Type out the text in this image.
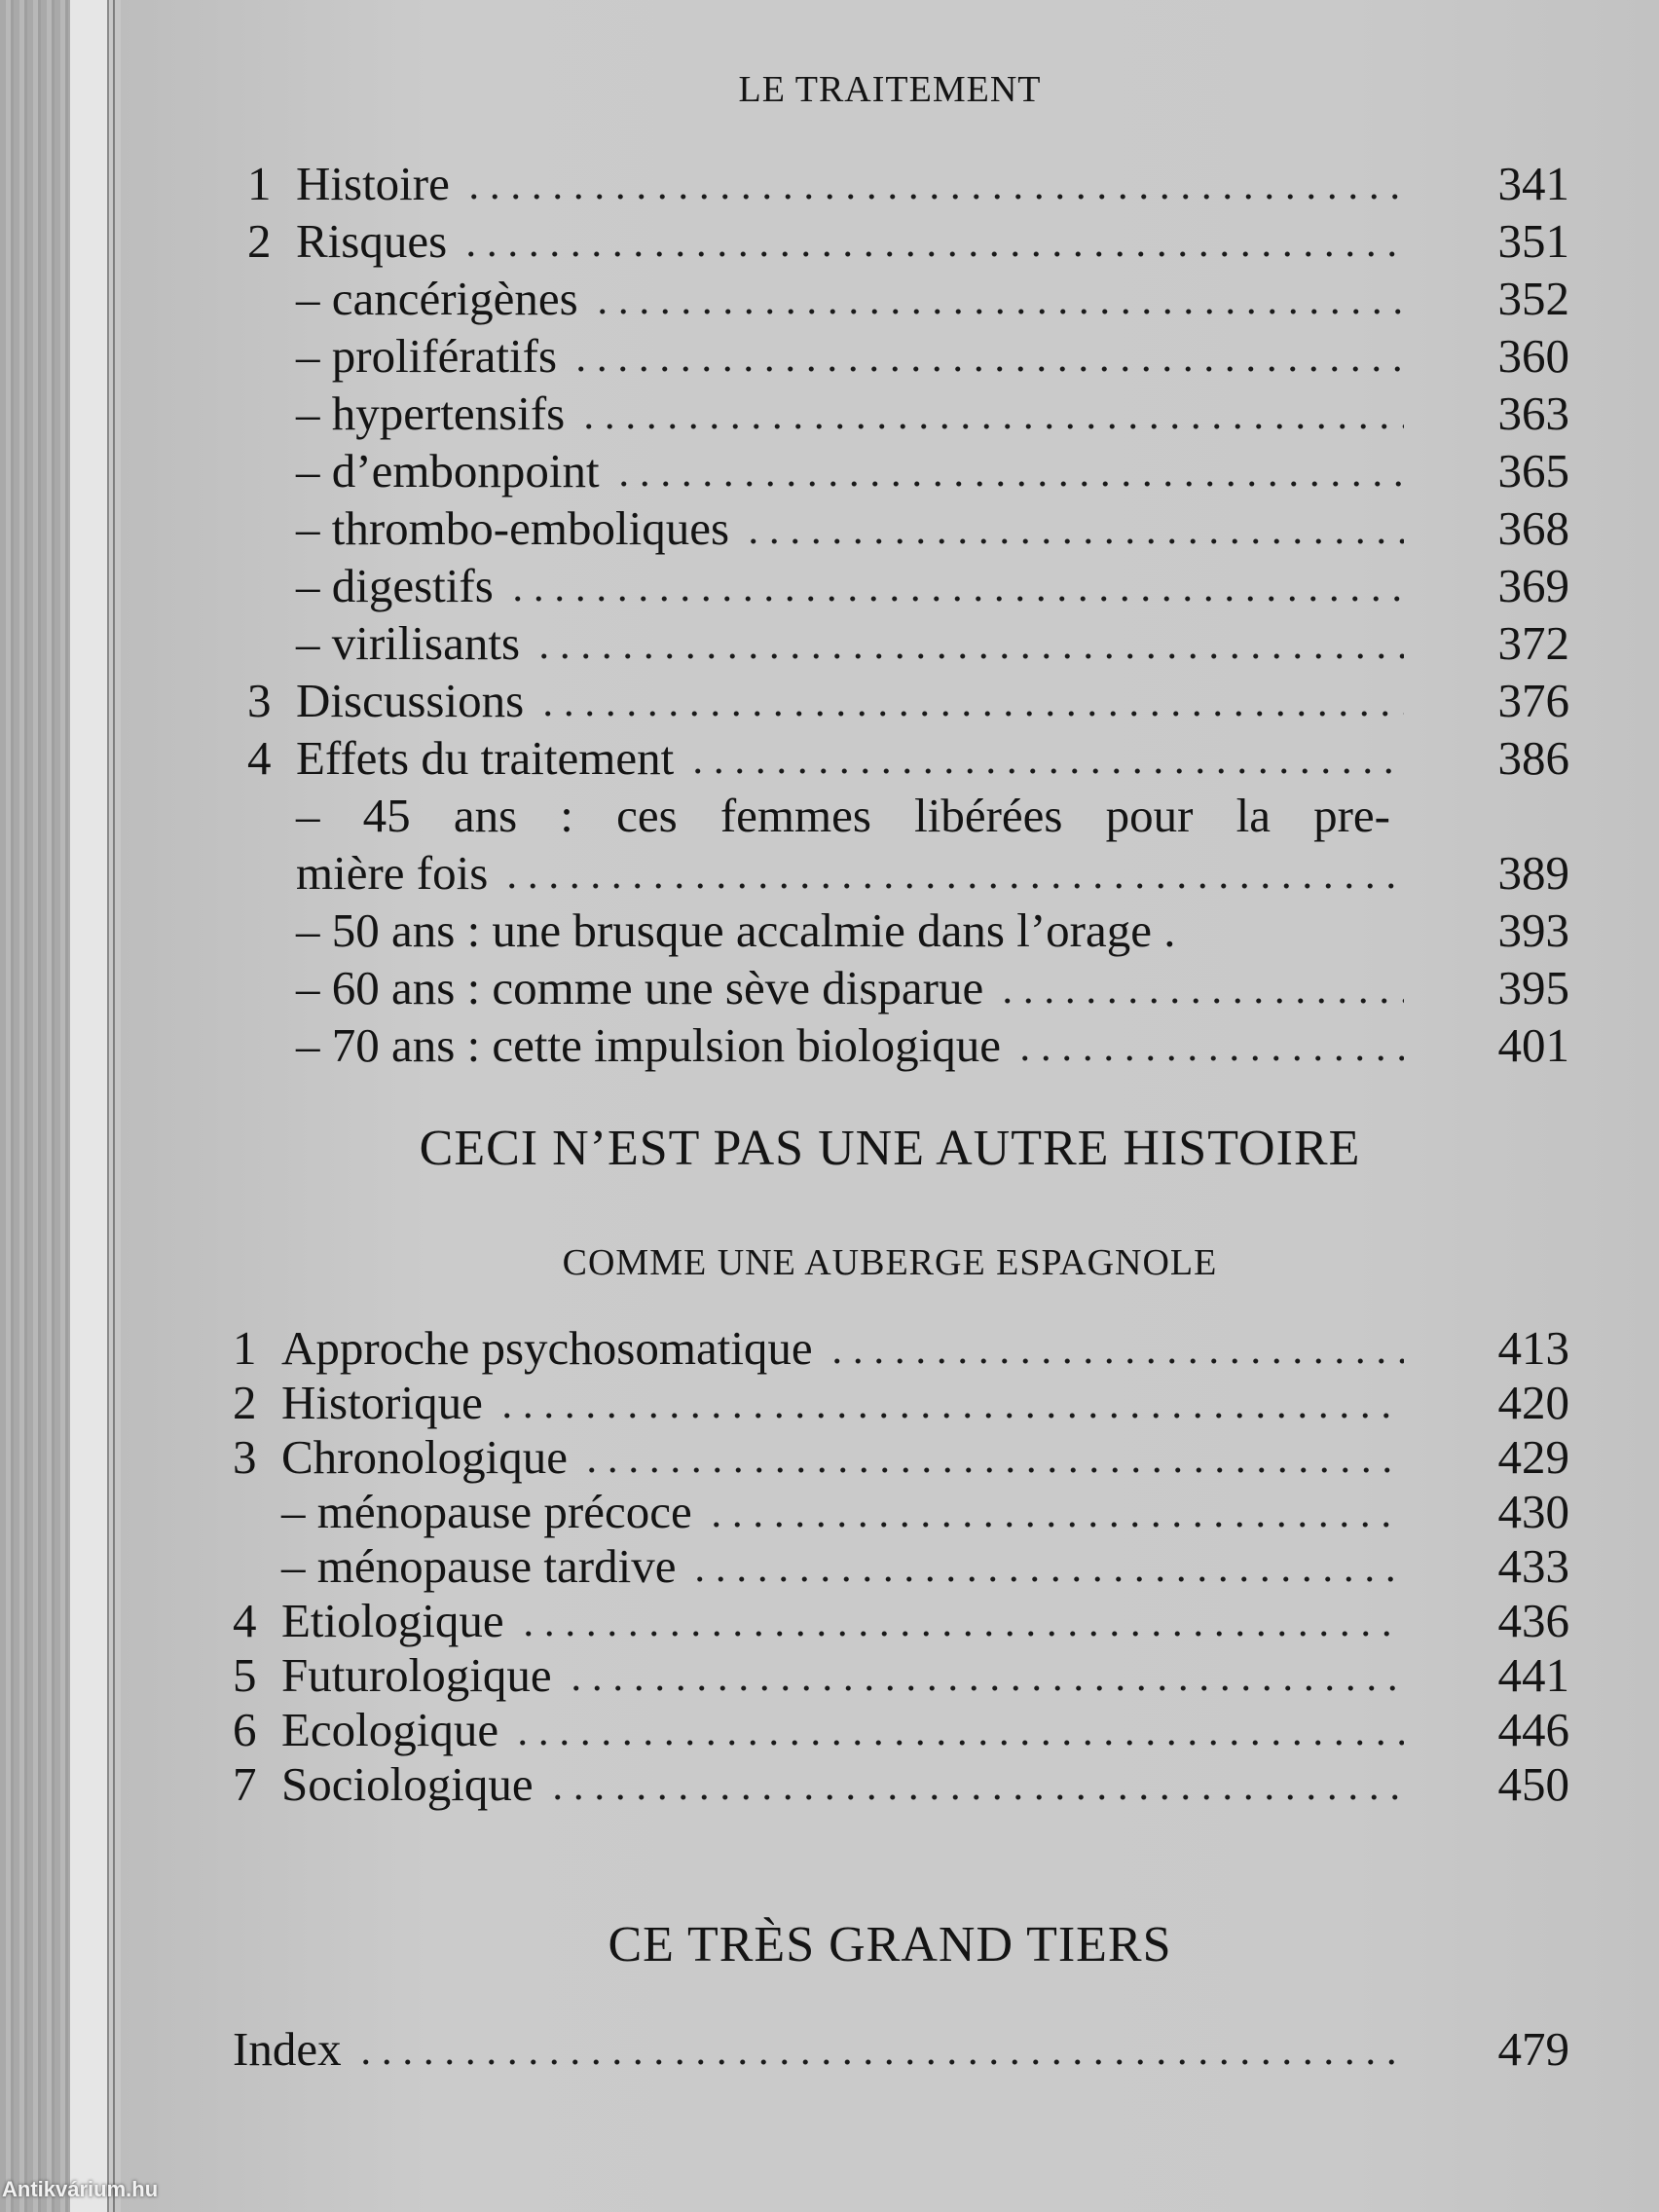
LE TRAITEMENT
1 Histoire	341
2 Risques	351
– cancérigènes	352
– prolifératifs	360
– hypertensifs	363
– d’embonpoint	365
– thrombo-emboliques	368
– digestifs	369
– virilisants	372
3 Discussions	376
4 Effets du traitement	386
– 45 ans : ces femmes libérées pour la pre-
mière fois	389
– 50 ans : une brusque accalmie dans l’orage .	393
– 60 ans : comme une sève disparue	395
– 70 ans : cette impulsion biologique	401
CECI N’EST PAS UNE AUTRE HISTOIRE
COMME UNE AUBERGE ESPAGNOLE
1 Approche psychosomatique	413
2 Historique	420
3 Chronologique	429
– ménopause précoce	430
– ménopause tardive	433
4 Etiologique	436
5 Futurologique	441
6 Ecologique	446
7 Sociologique	450
CE TRÈS GRAND TIERS
Index	479
Antikvárium.hu
